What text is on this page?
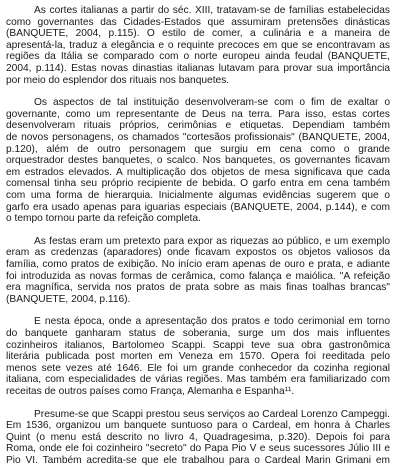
As cortes italianas a partir do séc. XIII, tratavam-se de famílias estabelecidas
como governantes das Cidades-Estados que assumiram pretensões dinásticas
(BANQUETE, 2004, p.115). O estilo de comer, a culinária e a maneira de
apresentá-la, traduz a elegância e o requinte precoces em que se encontravam as
regiões da Itália se comparado com o norte europeu ainda feudal (BANQUETE,
2004, p.114). Estas novas dinastias italianas lutavam para provar sua importância
por meio do esplendor dos rituais nos banquetes.
Os aspectos de tal instituição desenvolveram-se com o fim de exaltar o
governante, como um representante de Deus na terra. Para isso, estas cortes
desenvolveram rituais próprios, cerimônias e etiquetas. Dependiam também
de novos personagens, os chamados "cortesãos profissionais" (BANQUETE, 2004,
p.120), além de outro personagem que surgiu em cena como o grande
orquestrador destes banquetes, o scalco. Nos banquetes, os governantes ficavam
em estrados elevados. A multiplicação dos objetos de mesa significava que cada
comensal tinha seu próprio recipiente de bebida. O garfo entra em cena também
com uma forma de hierarquia. Inicialmente algumas evidências sugerem que o
garfo era usado apenas para iguarias especiais (BANQUETE, 2004, p.144), e com
o tempo tornou parte da refeição completa.
As festas eram um pretexto para expor as riquezas ao público, e um exemplo
eram as credenzas (aparadores) onde ficavam expostos os objetos valiosos da
família, como pratos de exibição. No início eram apenas de ouro e prata, e adiante
foi introduzida as novas formas de cerâmica, como falança e maiólica. "A refeição
era magnífica, servida nos pratos de prata sobre as mais finas toalhas brancas"
(BANQUETE, 2004, p.116).
E nesta época, onde a apresentação dos pratos e todo cerimonial em torno
do banquete ganharam status de soberania, surge um dos mais influentes
cozinheiros italianos, Bartolomeo Scappi. Scappi teve sua obra gastronômica
literária publicada post morten em Veneza em 1570. Opera foi reeditada pelo
menos sete vezes até 1646. Ele foi um grande conhecedor da cozinha regional
italiana, com especialidades de várias regiões. Mas também era familiarizado com
receitas de outros países como França, Alemanha e Espanha¹¹.
Presume-se que Scappi prestou seus serviços ao Cardeal Lorenzo Campeggi.
Em 1536, organizou um banquete suntuoso para o Cardeal, em honra à Charles
Quint (o menu está descrito no livro 4, Quadragesima, p.320). Depois foi para
Roma, onde ele foi cozinheiro "secreto" do Papa Pio V e seus sucessores Júlio III e
Pio VI. Também acredita-se que ele trabalhou para o Cardeal Marin Grimani em
